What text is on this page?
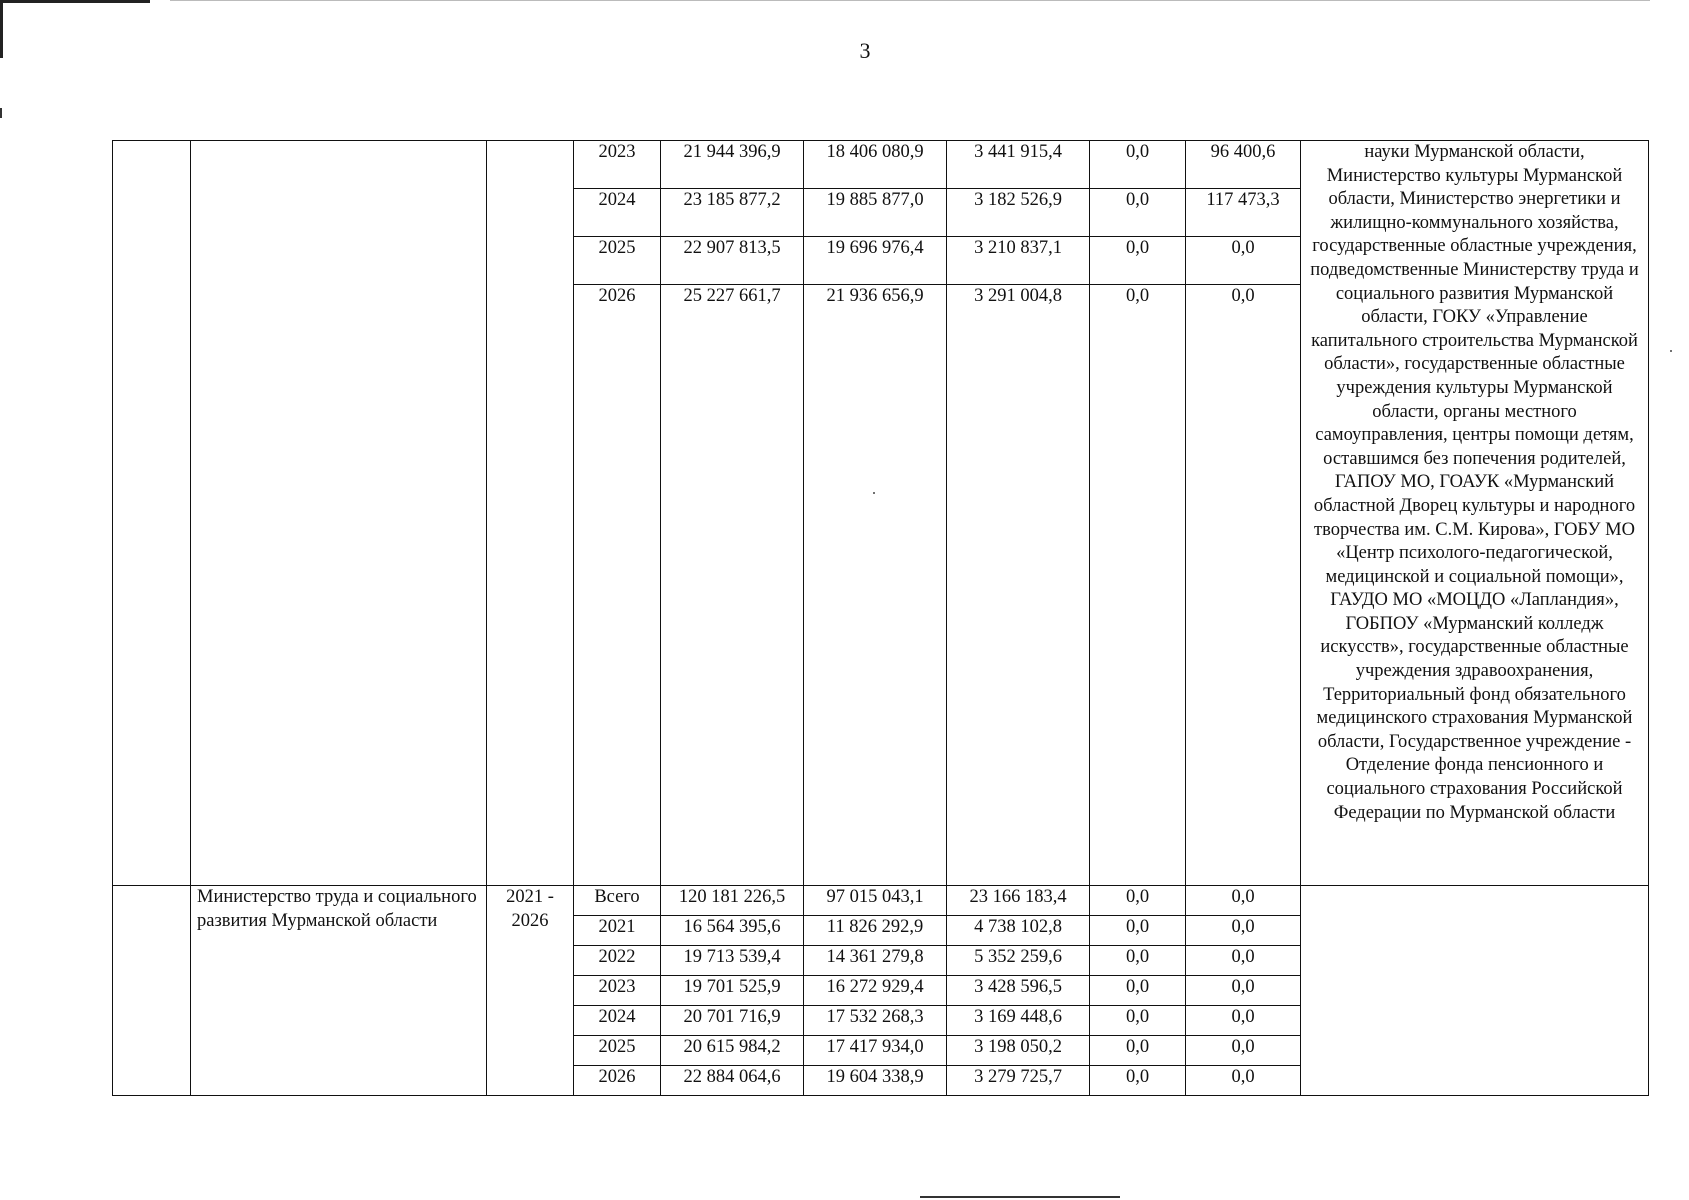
3
			2023	21 944 396,9	18 406 080,9	3 441 915,4	0,0	96 400,6	науки Мурманской области, Министерство культуры Мурманской области, Министерство энергетики и жилищно-коммунального хозяйства, государственные областные учреждения, подведомственные Министерству труда и социального развития Мурманской области, ГОКУ «Управление капитального строительства Мурманской области», государственные областные учреждения культуры Мурманской области, органы местного самоуправления, центры помощи детям, оставшимся без попечения родителей, ГАПОУ МО, ГОАУК «Мурманский областной Дворец культуры и народного творчества им. С.М. Кирова», ГОБУ МО «Центр психолого-педагогической, медицинской и социальной помощи», ГАУДО МО «МОЦДО «Лапландия», ГОБПОУ «Мурманский колледж искусств», государственные областные учреждения здравоохранения, Территориальный фонд обязательного медицинского страхования Мурманской области, Государственное учреждение - Отделение фонда пенсионного и социального страхования Российской Федерации по Мурманской области
			2024	23 185 877,2	19 885 877,0	3 182 526,9	0,0	117 473,3	
			2025	22 907 813,5	19 696 976,4	3 210 837,1	0,0	0,0	
			2026	25 227 661,7	21 936 656,9	3 291 004,8	0,0	0,0	
	Министерство труда и социального развития Мурманской области	2021 - 2026	Всего	120 181 226,5	97 015 043,1	23 166 183,4	0,0	0,0	
			2021	16 564 395,6	11 826 292,9	4 738 102,8	0,0	0,0	
			2022	19 713 539,4	14 361 279,8	5 352 259,6	0,0	0,0	
			2023	19 701 525,9	16 272 929,4	3 428 596,5	0,0	0,0	
			2024	20 701 716,9	17 532 268,3	3 169 448,6	0,0	0,0	
			2025	20 615 984,2	17 417 934,0	3 198 050,2	0,0	0,0	
			2026	22 884 064,6	19 604 338,9	3 279 725,7	0,0	0,0	
